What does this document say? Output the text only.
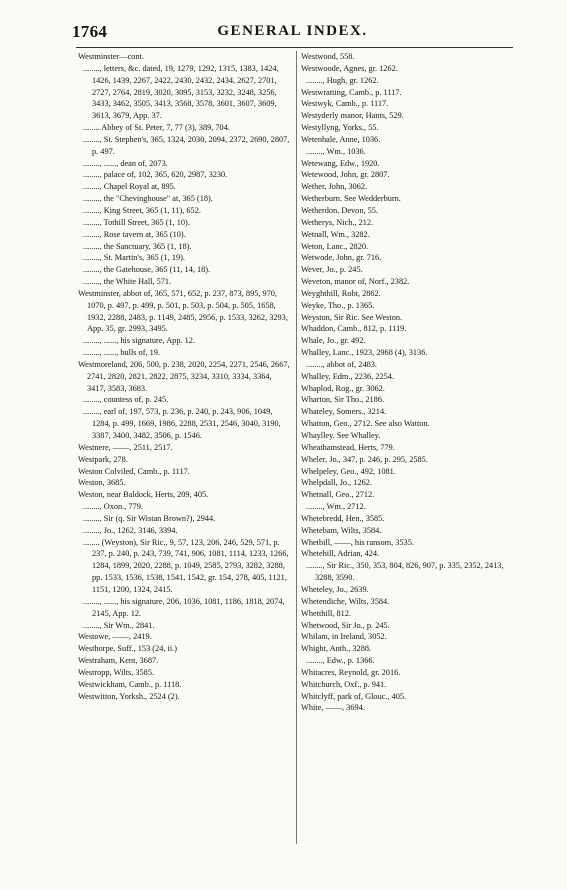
1764	GENERAL INDEX.
Westminster—cont.
........, letters, &c. dated, 19, 1279, 1292, 1315, 1383, 1424, 1426, 1439, 2267, 2422, 2430, 2432, 2434, 2627, 2701, 2727, 2764, 2819, 3020, 3095, 3153, 3232, 3248, 3256, 3433, 3462, 3505, 3413, 3568, 3578, 3601, 3607, 3609, 3613, 3679, App. 37.
........ Abbey of St. Peter, 7, 77 (3), 389, 704.
........, St. Stephen's, 365, 1324, 2030, 2094, 2372, 2690, 2807, p. 497.
........, ......, dean of, 2073.
........, palace of, 102, 365, 620, 2987, 3230.
........, Chapel Royal at, 895.
........, the "Chevinghouse" at, 365 (18).
........, King Street, 365 (1, 11), 652.
........, Tothill Street, 365 (1, 10).
........, Rose tavern at, 365 (10).
........, the Sanctuary, 365 (1, 18).
........, St. Martin's, 365 (1, 19).
........, the Gatehouse, 365 (11, 14, 18).
........, the White Hall, 571.
Westminster, abbot of, 365, 571, 652, p. 237, 873, 895, 970, 1070, p. 497, p. 499, p. 501, p. 503, p. 504, p. 505, 1658, 1932, 2288, 2483, p. 1149, 2485, 2956, p. 1533, 3262, 3293, App. 35, gr. 2993, 3495.
........, ......, his signature, App. 12.
........, ......, bulls of, 19.
Westmoreland, 206, 500, p. 238, 2020, 2254, 2271, 2546, 2667, 2741, 2820, 2821, 2822, 2875, 3234, 3310, 3334, 3364, 3417, 3583, 3683.
........, countess of, p. 245.
........, earl of, 197, 573, p. 236, p. 240, p. 243, 906, 1049, 1284, p. 499, 1669, 1986, 2288, 2531, 2546, 3040, 3190, 3387, 3400, 3482, 3506, p. 1546.
Westnere, ——, 2511, 2517.
Westpark, 278.
Weston Colviled, Camb., p. 1117.
Weston, 3685.
Weston, near Baldock, Herts, 209, 405.
........, Oxon., 779.
........, Sir (q. Sir Wistan Brown?), 2944.
........, Jo., 1262, 3146, 3394.
........ (Weyston), Sir Ric., 9, 57, 123, 206, 246, 529, 571, p. 237, p. 240, p. 243, 739, 741, 906, 1081, 1114, 1233, 1266, 1284, 1899, 2020, 2288, p. 1049, 2585, 2793, 3282, 3288, pp. 1533, 1536, 1538, 1541, 1542, gr. 154, 278, 405, 1121, 1151, 1200, 1324, 2415.
........, ......, his signature, 206, 1036, 1081, 1186, 1818, 2074, 2145, App. 12.
........, Sir Wm., 2841.
Westowe, ——, 2419.
Westhorpe, Suff., 153 (24, ii.)
Westraham, Kent, 3687.
Westropp, Wilts, 3585.
Westwickham, Camb., p. 1118.
Westwitton, Yorksh., 2524 (2).
Westwood, 558.
Westwoode, Agnes, gr. 1262.
........, Hugh, gr. 1262.
Westwratting, Camb., p. 1117.
Westwyk, Camb., p. 1117.
Westyderly manor, Hants, 529.
Westyllyng, Yorks., 55.
Wetenhale, Anne, 1036.
........, Wm., 1036.
Wetewang, Edw., 1920.
Wetewood, John, gr. 2807.
Wether, John, 3062.
Wetherburn. See Wedderburn.
Wetherdon, Devon, 55.
Wetherys, Nich., 212.
Wetnall, Wm., 3282.
Weton, Lanc., 2820.
Wetwode, John, gr. 716.
Wever, Jo., p. 245.
Weveton, manor of, Norf., 2382.
Weyghthill, Robt, 2862.
Weyke, Tho., p. 1365.
Weyston, Sir Ric. See Weston.
Whaddon, Camb., 812, p. 1119.
Whale, Jo., gr. 492.
Whalley, Lanc., 1923, 2968 (4), 3136.
........, abbot of, 2483.
Whalley, Edm., 2236, 2254.
Whaplod, Rog., gr. 3062.
Wharton, Sir Tho., 2186.
Whateley, Somers., 3214.
Whatton, Geo., 2712. See also Watton.
Whaylley. See Whalley.
Wheathamstead, Herts, 779.
Wheler, Jo., 347, p. 246, p. 295, 2585.
Whelpeley, Geo., 492, 1081.
Whelpdall, Jo., 1262.
Whetnall, Geo., 2712.
........, Wm., 2712.
Whetebredd, Hen., 3585.
Whetebam, Wilts, 3584.
Whetbill, ——, his ransom, 3535.
Whetehill, Adrian, 424.
........, Sir Ric., 350, 353, 804, 826, 907, p. 335, 2352, 2413, 3288, 3590.
Wheteley, Jo., 2639.
Whetendiche, Wilts, 3584.
Whetthill, 812.
Whetwood, Sir Jo., p. 245.
Whilam, in Ireland, 3052.
Whight, Anth., 3288.
........, Edw., p. 1366.
Whitacres, Reynold, gr. 2016.
Whitchurch, Oxf., p. 941.
Whitclyff, park of, Glouc., 405.
White, ——, 3694.
